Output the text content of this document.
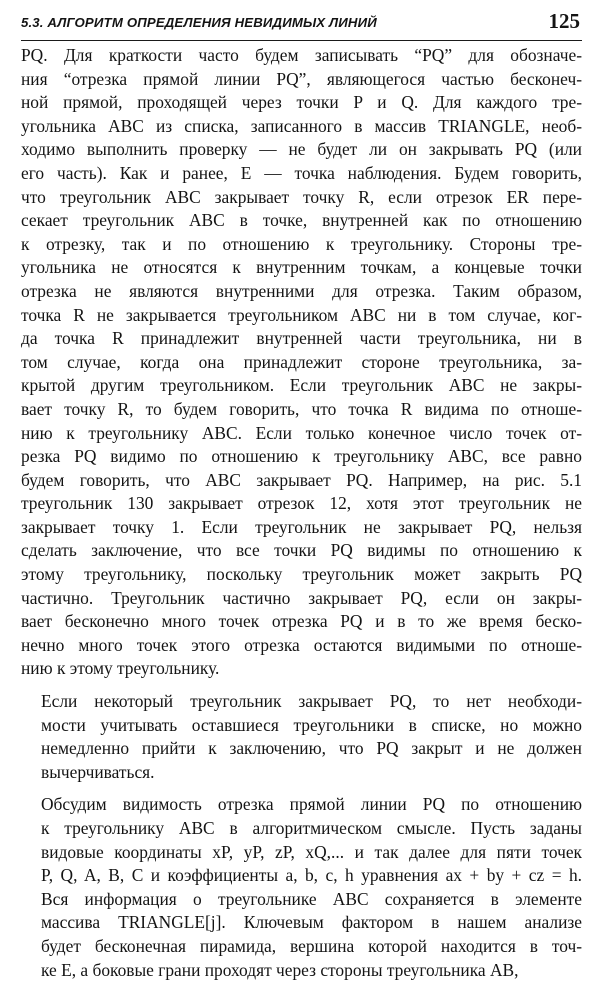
5.3. АЛГОРИТМ ОПРЕДЕЛЕНИЯ НЕВИДИМЫХ ЛИНИЙ	125
PQ. Для краткости часто будем записывать “PQ” для обозначе-
ния “отрезка прямой линии PQ”, являющегося частью бесконеч-
ной прямой, проходящей через точки P и Q. Для каждого тре-
угольника ABC из списка, записанного в массив TRIANGLE, необ-
ходимо выполнить проверку — не будет ли он закрывать PQ (или
его часть). Как и ранее, E — точка наблюдения. Будем говорить,
что треугольник ABC закрывает точку R, если отрезок ER пере-
секает треугольник ABC в точке, внутренней как по отношению
к отрезку, так и по отношению к треугольнику. Стороны тре-
угольника не относятся к внутренним точкам, а концевые точки
отрезка не являются внутренними для отрезка. Таким образом,
точка R не закрывается треугольником ABC ни в том случае, ког-
да точка R принадлежит внутренней части треугольника, ни в
том случае, когда она принадлежит стороне треугольника, за-
крытой другим треугольником. Если треугольник ABC не закры-
вает точку R, то будем говорить, что точка R видима по отноше-
нию к треугольнику ABC. Если только конечное число точек от-
резка PQ видимо по отношению к треугольнику ABC, все равно
будем говорить, что ABC закрывает PQ. Например, на рис. 5.1
треугольник 130 закрывает отрезок 12, хотя этот треугольник не
закрывает точку 1. Если треугольник не закрывает PQ, нельзя
сделать заключение, что все точки PQ видимы по отношению к
этому треугольнику, поскольку треугольник может закрыть PQ
частично. Треугольник частично закрывает PQ, если он закры-
вает бесконечно много точек отрезка PQ и в то же время беско-
нечно много точек этого отрезка остаются видимыми по отноше-
нию к этому треугольнику.
Если некоторый треугольник закрывает PQ, то нет необходи-
мости учитывать оставшиеся треугольники в списке, но можно
немедленно прийти к заключению, что PQ закрыт и не должен
вычерчиваться.
Обсудим видимость отрезка прямой линии PQ по отношению
к треугольнику ABC в алгоритмическом смысле. Пусть заданы
видовые координаты xP, yP, zP, xQ,... и так далее для пяти точек
P, Q, A, B, C и коэффициенты a, b, c, h уравнения ax + by + cz = h.
Вся информация о треугольнике ABC сохраняется в элементе
массива TRIANGLE[j]. Ключевым фактором в нашем анализе
будет бесконечная пирамида, вершина которой находится в точ-
ке E, а боковые грани проходят через стороны треугольника AB,
